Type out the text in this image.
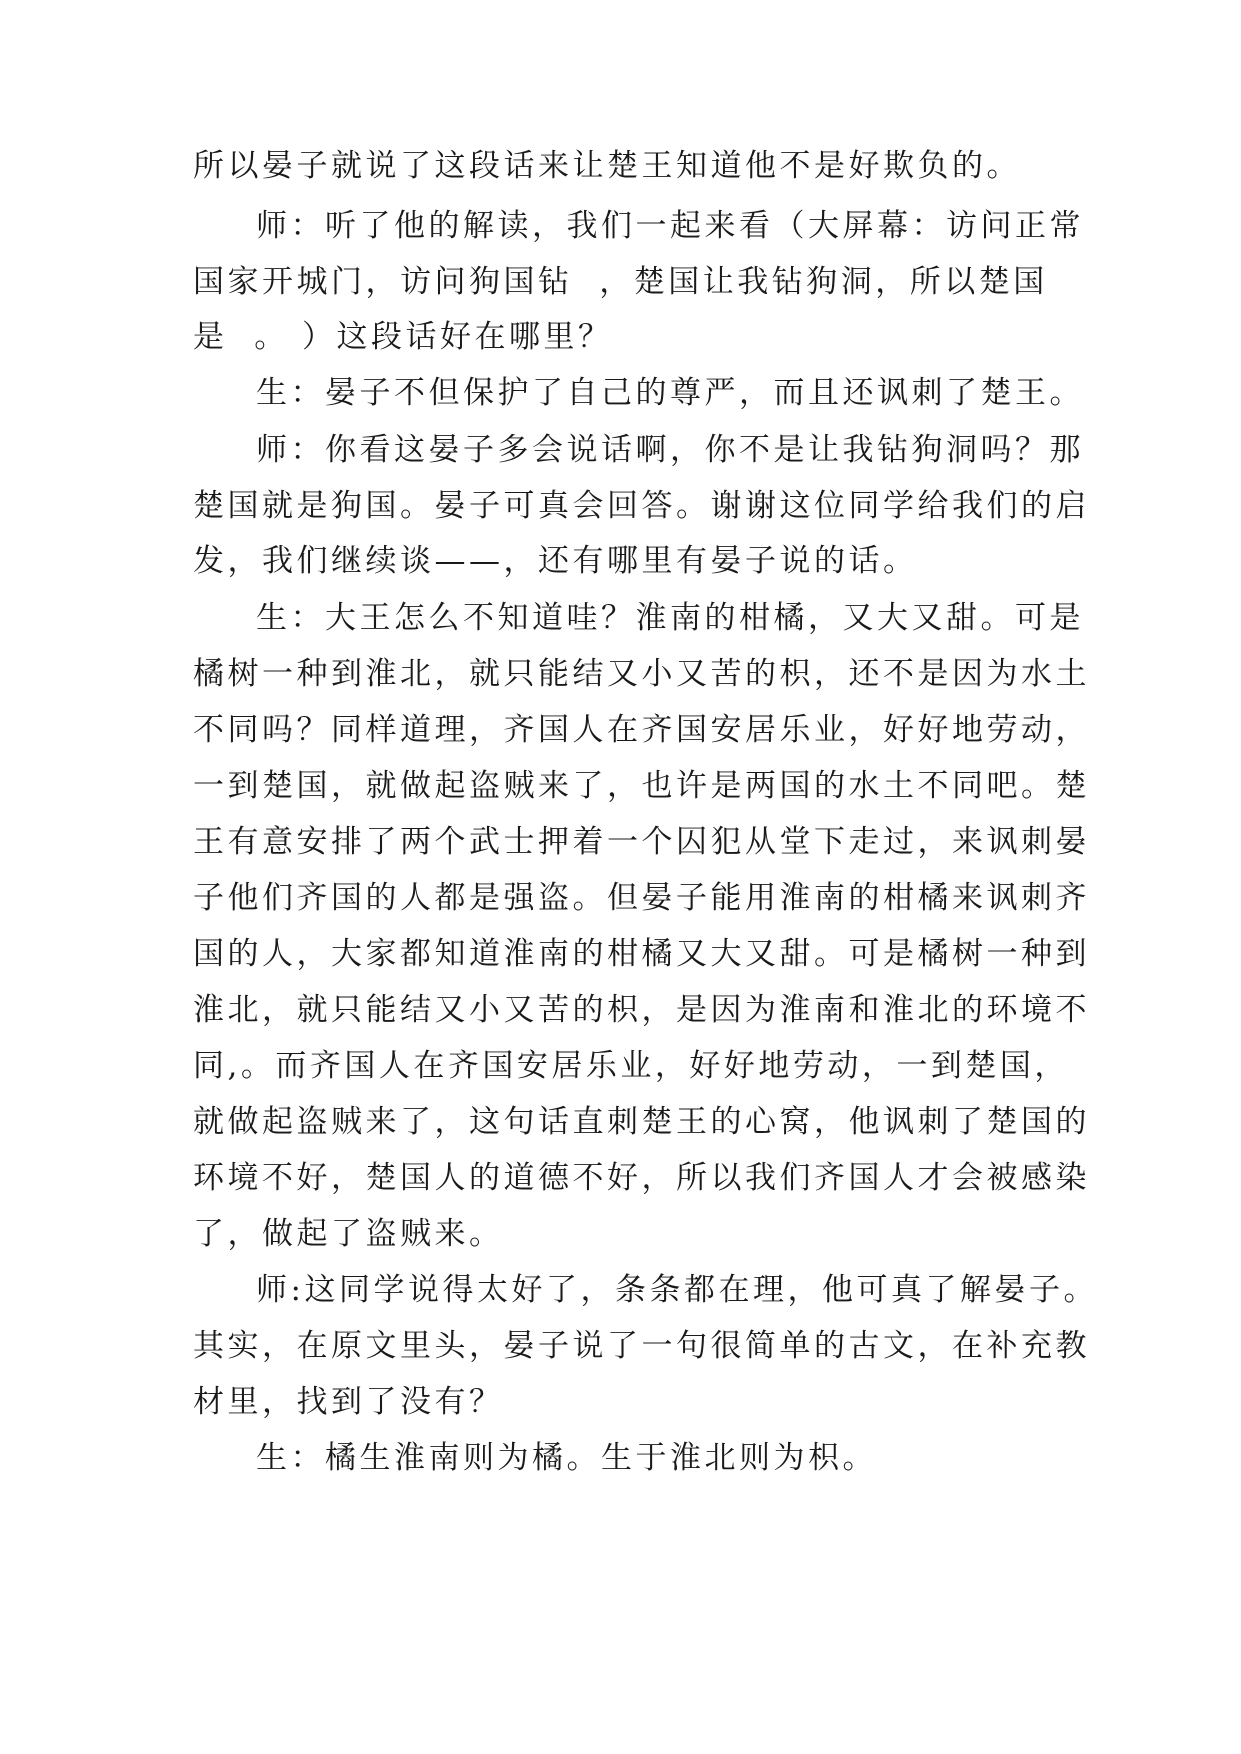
所以晏子就说了这段话来让楚王知道他不是好欺负的。

师：听了他的解读，我们一起来看（大屏幕：访问正常

国家开城门，访问狗国钻  ，楚国让我钻狗洞，所以楚国

是  。 ）这段话好在哪里？

生：晏子不但保护了自己的尊严，而且还讽刺了楚王。

师：你看这晏子多会说话啊，你不是让我钻狗洞吗？那

楚国就是狗国。晏子可真会回答。谢谢这位同学给我们的启

发，我们继续谈——，还有哪里有晏子说的话。

生：大王怎么不知道哇？淮南的柑橘，又大又甜。可是

橘树一种到淮北，就只能结又小又苦的枳，还不是因为水土

不同吗？同样道理，齐国人在齐国安居乐业，好好地劳动，

一到楚国，就做起盗贼来了，也许是两国的水土不同吧。楚

王有意安排了两个武士押着一个囚犯从堂下走过，来讽刺晏

子他们齐国的人都是强盗。但晏子能用淮南的柑橘来讽刺齐

国的人，大家都知道淮南的柑橘又大又甜。可是橘树一种到

淮北，就只能结又小又苦的枳，是因为淮南和淮北的环境不

同,。而齐国人在齐国安居乐业，好好地劳动，一到楚国，

就做起盗贼来了，这句话直刺楚王的心窝，他讽刺了楚国的

环境不好，楚国人的道德不好，所以我们齐国人才会被感染

了，做起了盗贼来。

师:这同学说得太好了，条条都在理，他可真了解晏子。

其实，在原文里头，晏子说了一句很简单的古文，在补充教

材里，找到了没有？

生：橘生淮南则为橘。生于淮北则为枳。
